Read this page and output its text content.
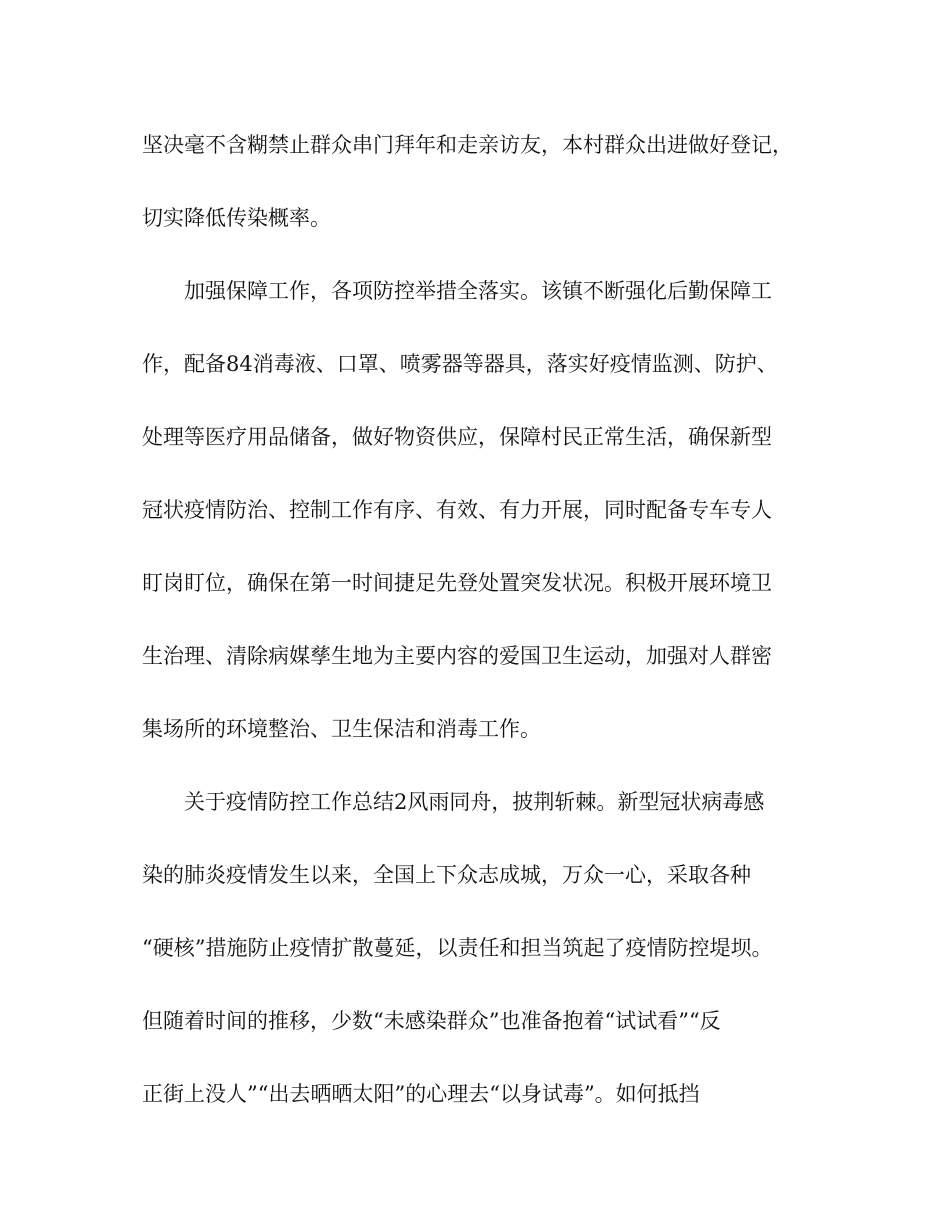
坚决毫不含糊禁止群众串门拜年和走亲访友，本村群众出进做好登记，
切实降低传染概率。
加强保障工作，各项防控举措全落实。该镇不断强化后勤保障工
作，配备84消毒液、口罩、喷雾器等器具，落实好疫情监测、防护、
处理等医疗用品储备，做好物资供应，保障村民正常生活，确保新型
冠状疫情防治、控制工作有序、有效、有力开展，同时配备专车专人
盯岗盯位，确保在第一时间捷足先登处置突发状况。积极开展环境卫
生治理、清除病媒孳生地为主要内容的爱国卫生运动，加强对人群密
集场所的环境整治、卫生保洁和消毒工作。
关于疫情防控工作总结2风雨同舟，披荆斩棘。新型冠状病毒感
染的肺炎疫情发生以来，全国上下众志成城，万众一心，采取各种
“硬核”措施防止疫情扩散蔓延，以责任和担当筑起了疫情防控堤坝。
但随着时间的推移，少数“未感染群众”也准备抱着“试试看”“反
正街上没人”“出去晒晒太阳”的心理去“以身试毒”。如何抵挡
